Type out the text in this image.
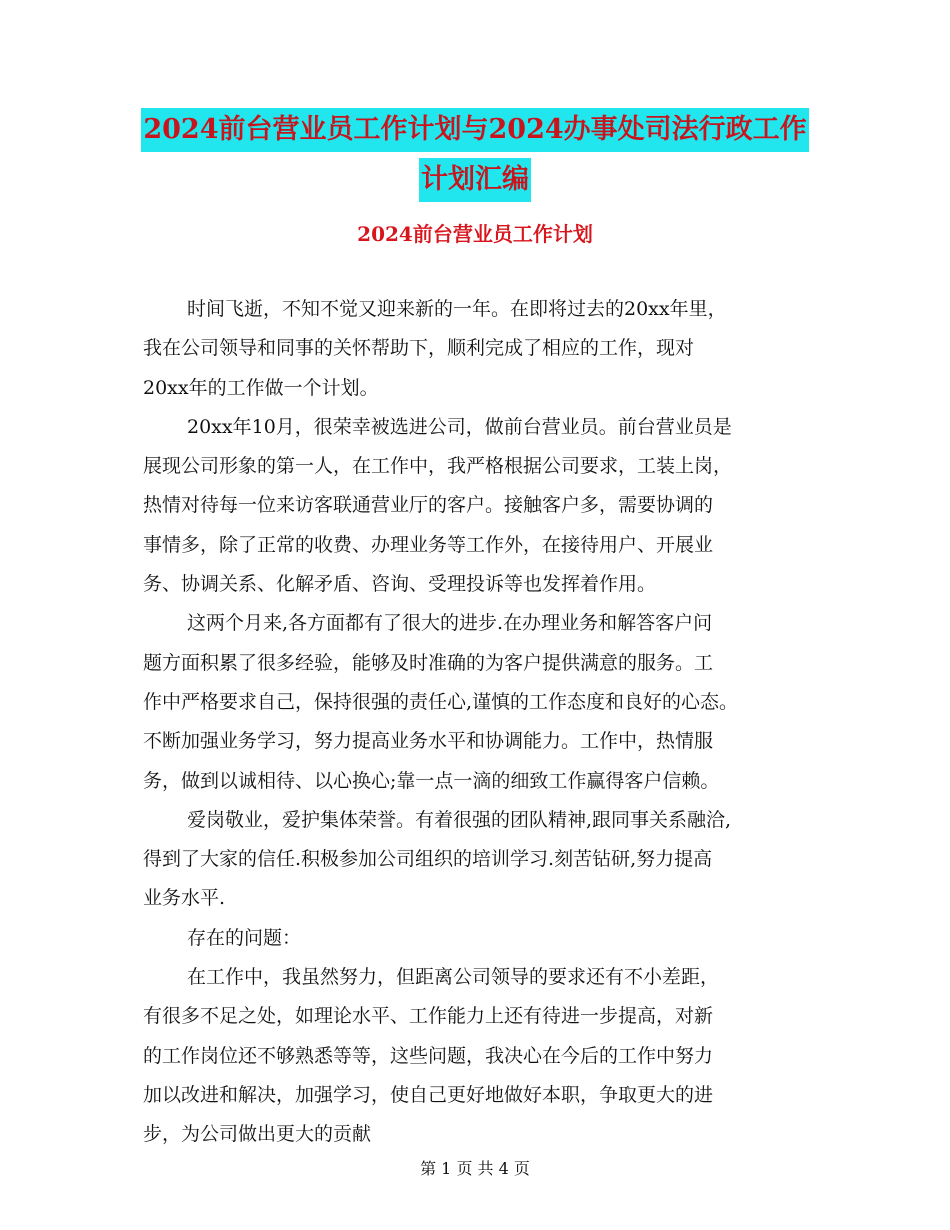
2024前台营业员工作计划与2024办事处司法行政工作
计划汇编
2024前台营业员工作计划

时间飞逝，不知不觉又迎来新的一年。在即将过去的20xx年里，
我在公司领导和同事的关怀帮助下，顺利完成了相应的工作，现对
20xx年的工作做一个计划。

20xx年10月，很荣幸被选进公司，做前台营业员。前台营业员是
展现公司形象的第一人，在工作中，我严格根据公司要求，工装上岗，
热情对待每一位来访客联通营业厅的客户。接触客户多，需要协调的
事情多，除了正常的收费、办理业务等工作外，在接待用户、开展业
务、协调关系、化解矛盾、咨询、受理投诉等也发挥着作用。

这两个月来,各方面都有了很大的进步.在办理业务和解答客户问
题方面积累了很多经验，能够及时准确的为客户提供满意的服务。工
作中严格要求自己，保持很强的责任心,谨慎的工作态度和良好的心态。
不断加强业务学习，努力提高业务水平和协调能力。工作中，热情服
务，做到以诚相待、以心换心;靠一点一滴的细致工作赢得客户信赖。

爱岗敬业，爱护集体荣誉。有着很强的团队精神,跟同事关系融洽,
得到了大家的信任.积极参加公司组织的培训学习.刻苦钻研,努力提高
业务水平.

存在的问题：

在工作中，我虽然努力，但距离公司领导的要求还有不小差距，
有很多不足之处，如理论水平、工作能力上还有待进一步提高，对新
的工作岗位还不够熟悉等等，这些问题，我决心在今后的工作中努力
加以改进和解决，加强学习，使自己更好地做好本职，争取更大的进
步，为公司做出更大的贡献

第 1 页 共 4 页
